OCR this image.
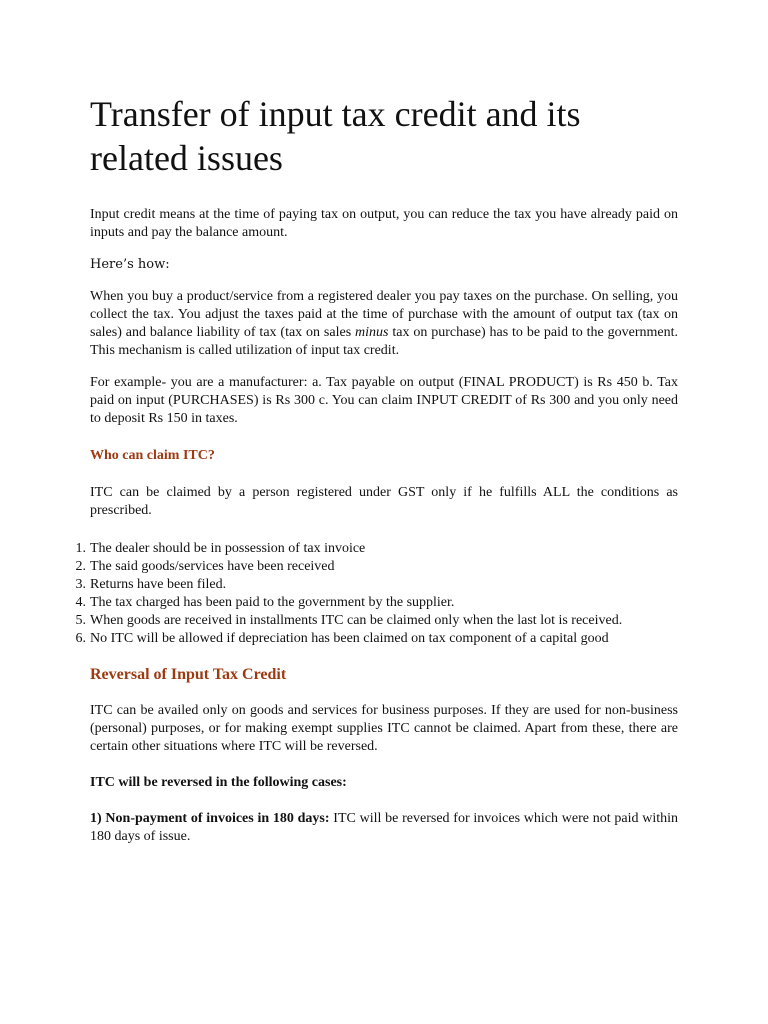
Transfer of input tax credit and its related issues

Input credit means at the time of paying tax on output, you can reduce the tax you have already paid on inputs and pay the balance amount.

Here’s how:

When you buy a product/service from a registered dealer you pay taxes on the purchase. On selling, you collect the tax. You adjust the taxes paid at the time of purchase with the amount of output tax (tax on sales) and balance liability of tax (tax on sales minus tax on purchase) has to be paid to the government. This mechanism is called utilization of input tax credit.

For example- you are a manufacturer: a. Tax payable on output (FINAL PRODUCT) is Rs 450 b. Tax paid on input (PURCHASES) is Rs 300 c. You can claim INPUT CREDIT of Rs 300 and you only need to deposit Rs 150 in taxes.

Who can claim ITC?

ITC can be claimed by a person registered under GST only if he fulfills ALL the conditions as prescribed.

1. The dealer should be in possession of tax invoice
2. The said goods/services have been received
3. Returns have been filed.
4. The tax charged has been paid to the government by the supplier.
5. When goods are received in installments ITC can be claimed only when the last lot is received.
6. No ITC will be allowed if depreciation has been claimed on tax component of a capital good
Reversal of Input Tax Credit

ITC can be availed only on goods and services for business purposes. If they are used for non-business (personal) purposes, or for making exempt supplies ITC cannot be claimed. Apart from these, there are certain other situations where ITC will be reversed.

ITC will be reversed in the following cases:

1) Non-payment of invoices in 180 days: ITC will be reversed for invoices which were not paid within 180 days of issue.
